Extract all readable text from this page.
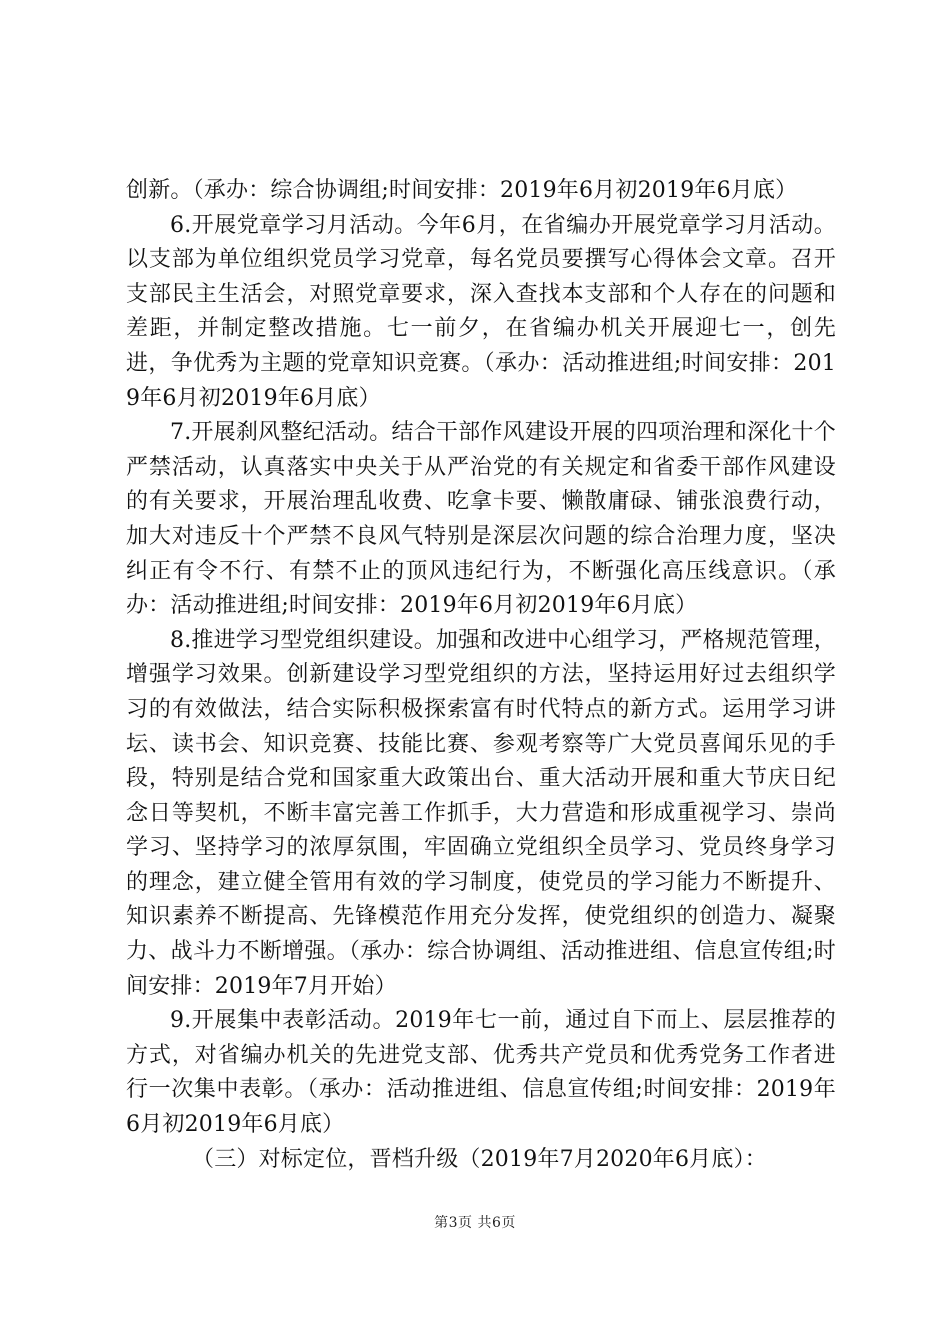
创新。（承办：综合协调组;时间安排：2019年6月初2019年6月底）

6.开展党章学习月活动。今年6月，在省编办开展党章学习月活动。以支部为单位组织党员学习党章，每名党员要撰写心得体会文章。召开支部民主生活会，对照党章要求，深入查找本支部和个人存在的问题和差距，并制定整改措施。七一前夕，在省编办机关开展迎七一，创先进，争优秀为主题的党章知识竞赛。（承办：活动推进组;时间安排：2019年6月初2019年6月底）

7.开展刹风整纪活动。结合干部作风建设开展的四项治理和深化十个严禁活动，认真落实中央关于从严治党的有关规定和省委干部作风建设的有关要求，开展治理乱收费、吃拿卡要、懒散庸碌、铺张浪费行动，加大对违反十个严禁不良风气特别是深层次问题的综合治理力度，坚决纠正有令不行、有禁不止的顶风违纪行为，不断强化高压线意识。（承办：活动推进组;时间安排：2019年6月初2019年6月底）

8.推进学习型党组织建设。加强和改进中心组学习，严格规范管理，增强学习效果。创新建设学习型党组织的方法，坚持运用好过去组织学习的有效做法，结合实际积极探索富有时代特点的新方式。运用学习讲坛、读书会、知识竞赛、技能比赛、参观考察等广大党员喜闻乐见的手段，特别是结合党和国家重大政策出台、重大活动开展和重大节庆日纪念日等契机，不断丰富完善工作抓手，大力营造和形成重视学习、崇尚学习、坚持学习的浓厚氛围，牢固确立党组织全员学习、党员终身学习的理念，建立健全管用有效的学习制度，使党员的学习能力不断提升、知识素养不断提高、先锋模范作用充分发挥，使党组织的创造力、凝聚力、战斗力不断增强。（承办：综合协调组、活动推进组、信息宣传组;时间安排：2019年7月开始）

9.开展集中表彰活动。2019年七一前，通过自下而上、层层推荐的方式，对省编办机关的先进党支部、优秀共产党员和优秀党务工作者进行一次集中表彰。（承办：活动推进组、信息宣传组;时间安排：2019年6月初2019年6月底）

（三）对标定位，晋档升级（2019年7月2020年6月底）：

第3页 共6页
